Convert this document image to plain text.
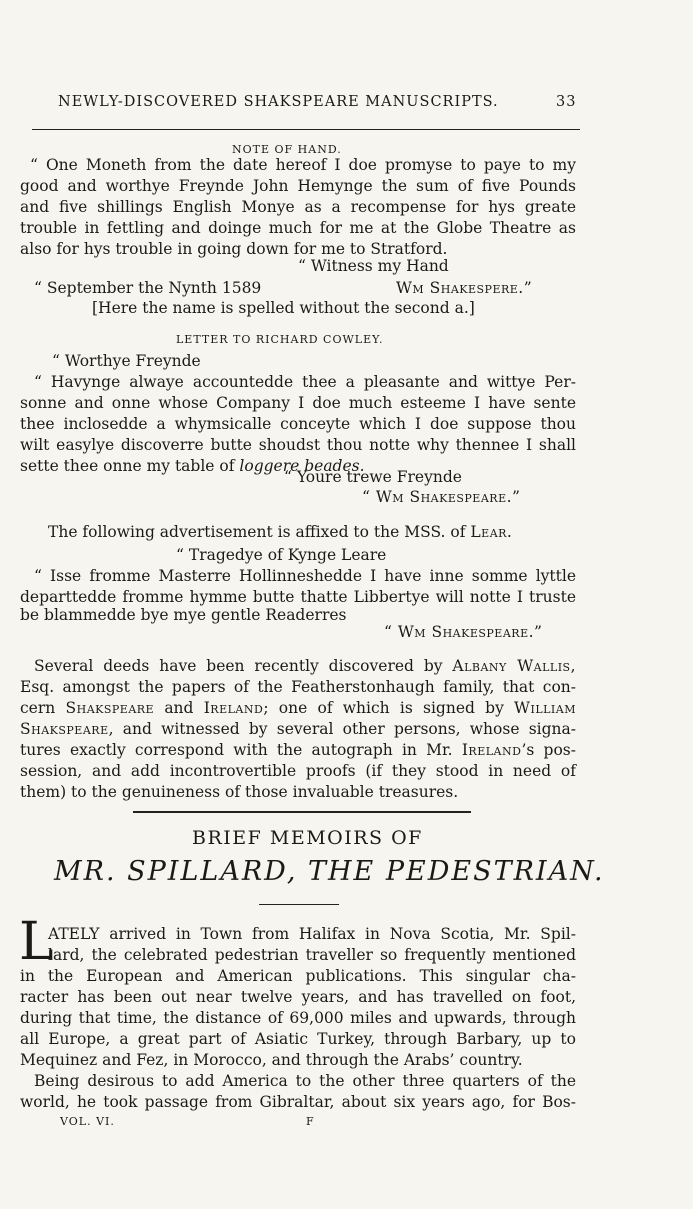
NEWLY-DISCOVERED SHAKSPEARE MANUSCRIPTS.	33
NOTE OF HAND.
“ One Moneth from the date hereof I doe promyse to paye to my
good and worthye Freynde John Hemynge the sum of five Pounds
and five shillings English Monye as a recompense for hys greate
trouble in fettling and doinge much for me at the Globe Theatre as
also for hys trouble in going down for me to Stratford.
“ Witness my Hand
“ September the Nynth 1589	Wm Shakespere.”
[Here the name is spelled without the second a.]
LETTER TO RICHARD COWLEY.
“ Worthye Freynde
“ Havynge alwaye accountedde thee a pleasante and wittye Per-
sonne and onne whose Company I doe much esteeme I have sente
thee inclosedde a whymsicalle conceyte which I doe suppose thou
wilt easylye discoverre butte shoudst thou notte why thennee I shall
sette thee onne my table of loggere beades.
“ Youre trewe Freynde
“ Wm Shakespeare.”
The following advertisement is affixed to the MSS. of Lear.
“ Tragedye of Kynge Leare
“ Isse fromme Masterre Hollinneshedde I have inne somme lyttle
departtedde fromme hymme butte thatte Libbertye will notte I truste
be blammedde bye mye gentle Readerres
“ Wm Shakespeare.”
Several deeds have been recently discovered by Albany Wallis,
Esq. amongst the papers of the Featherstonhaugh family, that con-
cern Shakspeare and Ireland; one of which is signed by William
Shakspeare, and witnessed by several other persons, whose signa-
tures exactly correspond with the autograph in Mr. Ireland’s pos-
session, and add incontrovertible proofs (if they stood in need of
them) to the genuineness of those invaluable treasures.
BRIEF MEMOIRS OF
MR. SPILLARD, THE PEDESTRIAN.
L
ATELY arrived in Town from Halifax in Nova Scotia, Mr. Spil-
lard, the celebrated pedestrian traveller so frequently mentioned
in the European and American publications. This singular cha-
racter has been out near twelve years, and has travelled on foot,
during that time, the distance of 69,000 miles and upwards, through
all Europe, a great part of Asiatic Turkey, through Barbary, up to
Mequinez and Fez, in Morocco, and through the Arabs’ country.
Being desirous to add America to the other three quarters of the
world, he took passage from Gibraltar, about six years ago, for Bos-
VOL. VI.	F
